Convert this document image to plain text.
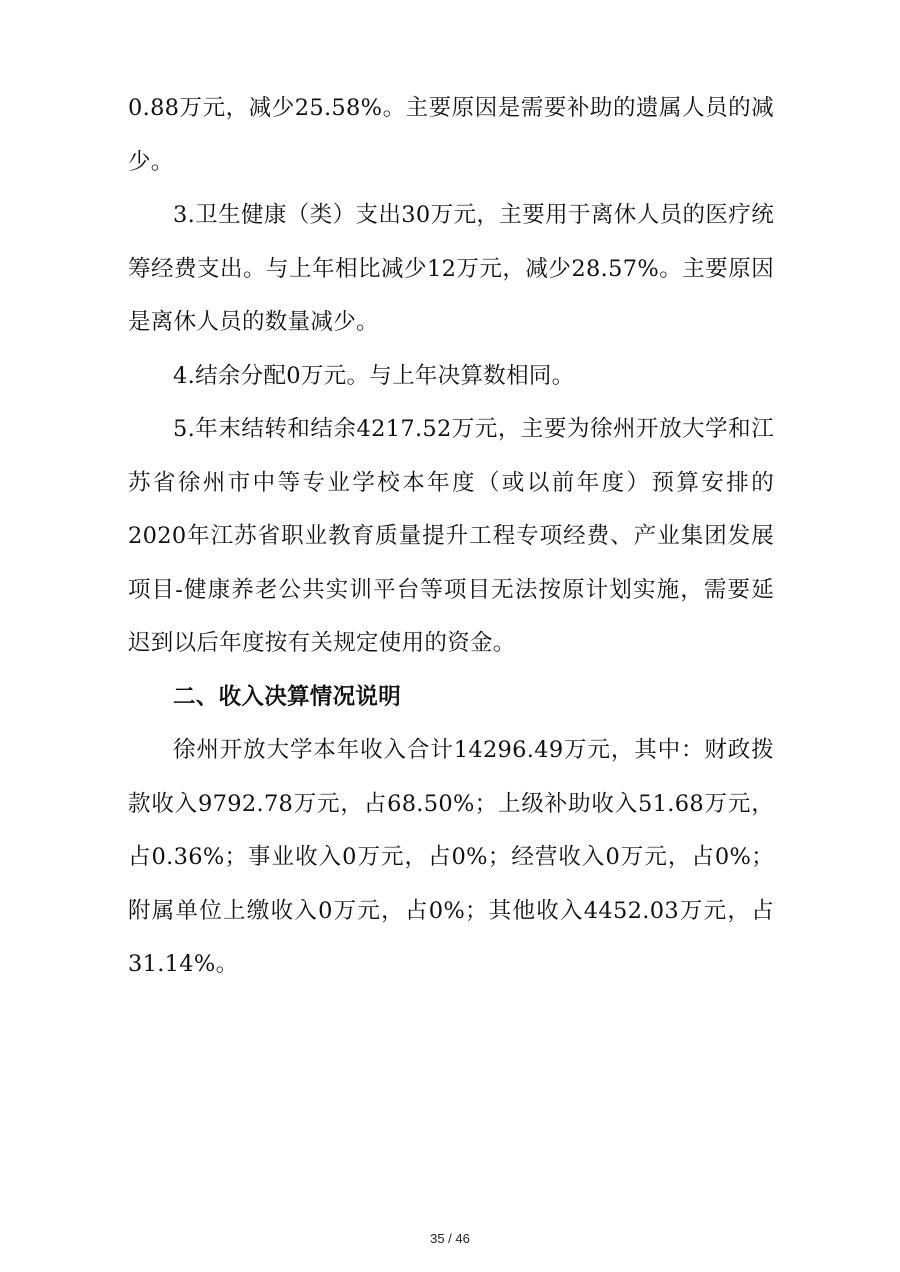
0.88万元，减少25.58%。主要原因是需要补助的遗属人员的减少。

3.卫生健康（类）支出30万元，主要用于离休人员的医疗统筹经费支出。与上年相比减少12万元，减少28.57%。主要原因是离休人员的数量减少。

4.结余分配0万元。与上年决算数相同。

5.年末结转和结余4217.52万元，主要为徐州开放大学和江苏省徐州市中等专业学校本年度（或以前年度）预算安排的2020年江苏省职业教育质量提升工程专项经费、产业集团发展项目-健康养老公共实训平台等项目无法按原计划实施，需要延迟到以后年度按有关规定使用的资金。

二、收入决算情况说明

徐州开放大学本年收入合计14296.49万元，其中：财政拨款收入9792.78万元，占68.50%；上级补助收入51.68万元，占0.36%；事业收入0万元，占0%；经营收入0万元，占0%；附属单位上缴收入0万元，占0%；其他收入4452.03万元，占31.14%。

35 / 46
